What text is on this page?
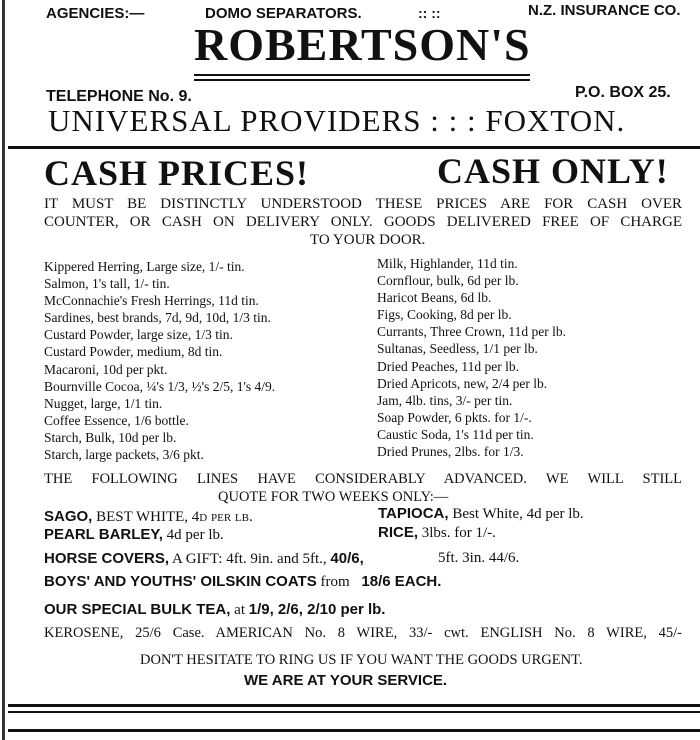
AGENCIES:—	DOMO SEPARATORS.	:: ::	N.Z. INSURANCE CO.
ROBERTSON'S
TELEPHONE No. 9.	P.O. BOX 25.
UNIVERSAL PROVIDERS : : : FOXTON.
CASH PRICES!	CASH ONLY!
IT MUST BE DISTINCTLY UNDERSTOOD THESE PRICES ARE FOR CASH OVER
COUNTER, OR CASH ON DELIVERY ONLY. GOODS DELIVERED FREE OF CHARGE
TO YOUR DOOR.
Kippered Herring, Large size, 1/- tin.
Salmon, 1's tall, 1/- tin.
McConnachie's Fresh Herrings, 11d tin.
Sardines, best brands, 7d, 9d, 10d, 1/3 tin.
Custard Powder, large size, 1/3 tin.
Custard Powder, medium, 8d tin.
Macaroni, 10d per pkt.
Bournville Cocoa, ¼'s 1/3, ½'s 2/5, 1's 4/9.
Nugget, large, 1/1 tin.
Coffee Essence, 1/6 bottle.
Starch, Bulk, 10d per lb.
Starch, large packets, 3/6 pkt.
Milk, Highlander, 11d tin.
Cornflour, bulk, 6d per lb.
Haricot Beans, 6d lb.
Figs, Cooking, 8d per lb.
Currants, Three Crown, 11d per lb.
Sultanas, Seedless, 1/1 per lb.
Dried Peaches, 11d per lb.
Dried Apricots, new, 2/4 per lb.
Jam, 4lb. tins, 3/- per tin.
Soap Powder, 6 pkts. for 1/-.
Caustic Soda, 1's 11d per tin.
Dried Prunes, 2lbs. for 1/3.
THE FOLLOWING LINES HAVE CONSIDERABLY ADVANCED. WE WILL STILL
QUOTE FOR TWO WEEKS ONLY:—
SAGO, BEST WHITE, 4d per lb.	TAPIOCA, Best White, 4d per lb.
PEARL BARLEY, 4d per lb.	RICE, 3lbs. for 1/-.
HORSE COVERS, A GIFT: 4ft. 9in. and 5ft., 40/6,	5ft. 3in. 44/6.
BOYS' AND YOUTHS' OILSKIN COATS from 18/6 EACH.
OUR SPECIAL BULK TEA, at 1/9, 2/6, 2/10 per lb.
KEROSENE, 25/6 Case. AMERICAN No. 8 WIRE, 33/- cwt. ENGLISH No. 8 WIRE, 45/-
DON'T HESITATE TO RING US IF YOU WANT THE GOODS URGENT.
WE ARE AT YOUR SERVICE.
